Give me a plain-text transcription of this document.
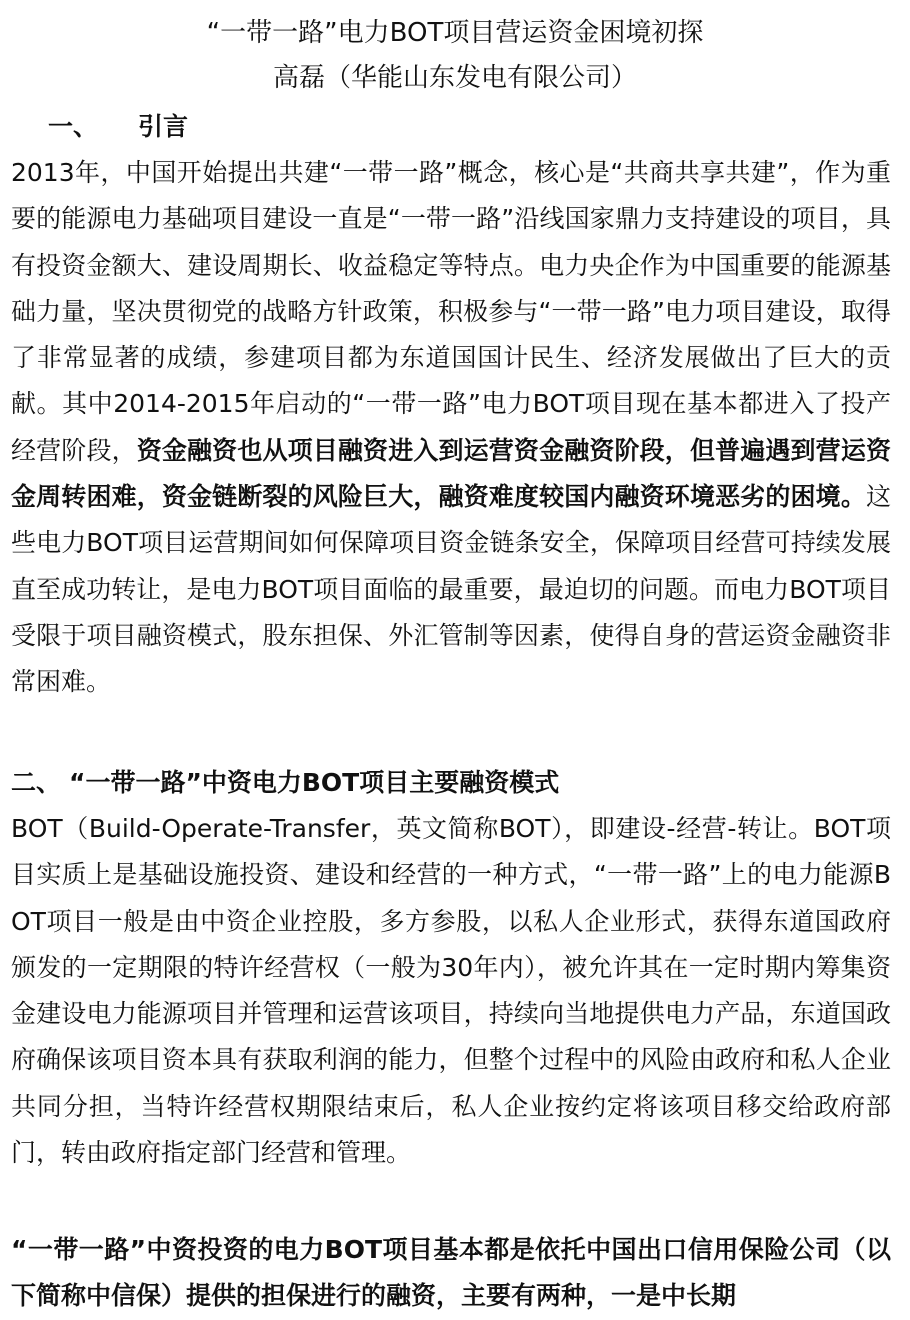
“一带一路”电力BOT项目营运资金困境初探
高磊（华能山东发电有限公司）
一、 引言
2013年，中国开始提出共建“一带一路”概念，核心是“共商共享共建”，作为重要的能源电力基础项目建设一直是“一带一路”沿线国家鼎力支持建设的项目，具有投资金额大、建设周期长、收益稳定等特点。电力央企作为中国重要的能源基础力量，坚决贯彻党的战略方针政策，积极参与“一带一路”电力项目建设，取得了非常显著的成绩，参建项目都为东道国国计民生、经济发展做出了巨大的贡献。其中2014-2015年启动的“一带一路”电力BOT项目现在基本都进入了投产经营阶段，资金融资也从项目融资进入到运营资金融资阶段，但普遍遇到营运资金周转困难，资金链断裂的风险巨大，融资难度较国内融资环境恶劣的困境。这些电力BOT项目运营期间如何保障项目资金链条安全，保障项目经营可持续发展直至成功转让，是电力BOT项目面临的最重要，最迫切的问题。而电力BOT项目受限于项目融资模式，股东担保、外汇管制等因素，使得自身的营运资金融资非常困难。
二、 “一带一路”中资电力BOT项目主要融资模式
BOT（Build-Operate-Transfer，英文简称BOT），即建设-经营-转让。BOT项目实质上是基础设施投资、建设和经营的一种方式，“一带一路”上的电力能源BOT项目一般是由中资企业控股，多方参股，以私人企业形式，获得东道国政府颁发的一定期限的特许经营权（一般为30年内），被允许其在一定时期内筹集资金建设电力能源项目并管理和运营该项目，持续向当地提供电力产品，东道国政府确保该项目资本具有获取利润的能力，但整个过程中的风险由政府和私人企业共同分担，当特许经营权期限结束后，私人企业按约定将该项目移交给政府部门，转由政府指定部门经营和管理。
“一带一路”中资投资的电力BOT项目基本都是依托中国出口信用保险公司（以下简称中信保）提供的担保进行的融资，主要有两种，一是中长期
